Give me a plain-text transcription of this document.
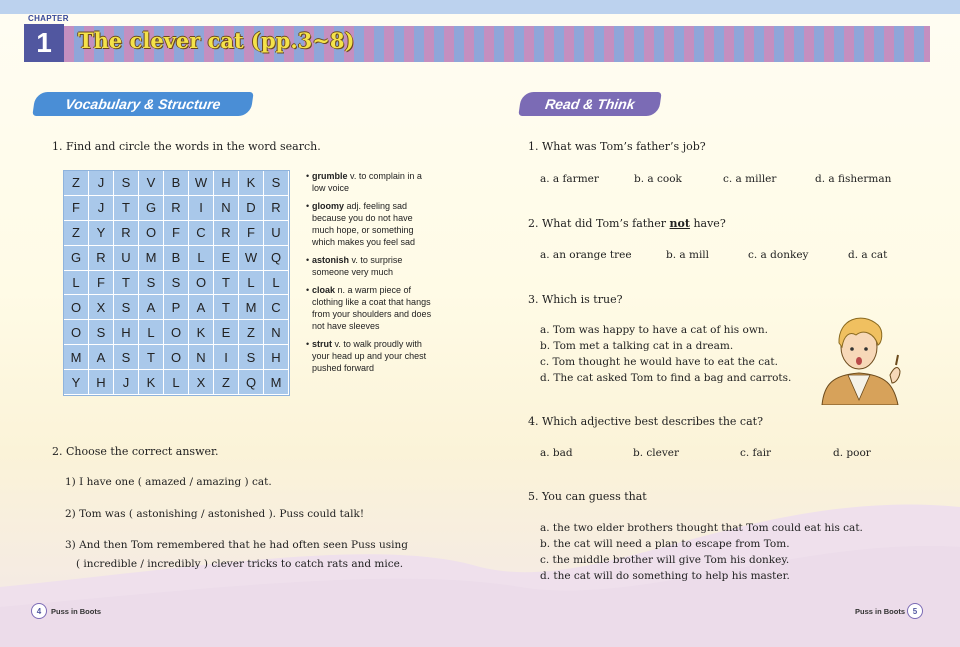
CHAPTER
1	The clever cat (pp.3~8)
Vocabulary & Structure
1. Find and circle the words in the word search.
Z	J	S	V	B	W	H	K	S
F	J	T	G	R	I	N	D	R
Z	Y	R	O	F	C	R	F	U
G	R	U	M	B	L	E	W	Q
L	F	T	S	S	O	T	L	L
O	X	S	A	P	A	T	M	C
O	S	H	L	O	K	E	Z	N
M	A	S	T	O	N	I	S	H
Y	H	J	K	L	X	Z	Q	M
• grumble v. to complain in a low voice
• gloomy adj. feeling sad because you do not have much hope, or something which makes you feel sad
• astonish v. to surprise someone very much
• cloak n. a warm piece of clothing like a coat that hangs from your shoulders and does not have sleeves
• strut v. to walk proudly with your head up and your chest pushed forward
2. Choose the correct answer.
1) I have one ( amazed / amazing ) cat.
2) Tom was ( astonishing / astonished ). Puss could talk!
3) And then Tom remembered that he had often seen Puss using
( incredible / incredibly ) clever tricks to catch rats and mice.
Read & Think
1. What was Tom’s father’s job?
a. a farmer	b. a cook	c. a miller	d. a fisherman
2. What did Tom’s father not have?
a. an orange tree	b. a mill	c. a donkey	d. a cat
3. Which is true?
a. Tom was happy to have a cat of his own.
b. Tom met a talking cat in a dream.
c. Tom thought he would have to eat the cat.
d. The cat asked Tom to find a bag and carrots.
4. Which adjective best describes the cat?
a. bad	b. clever	c. fair	d. poor
5. You can guess that
a. the two elder brothers thought that Tom could eat his cat.
b. the cat will need a plan to escape from Tom.
c. the middle brother will give Tom his donkey.
d. the cat will do something to help his master.
4	Puss in Boots	Puss in Boots 5
